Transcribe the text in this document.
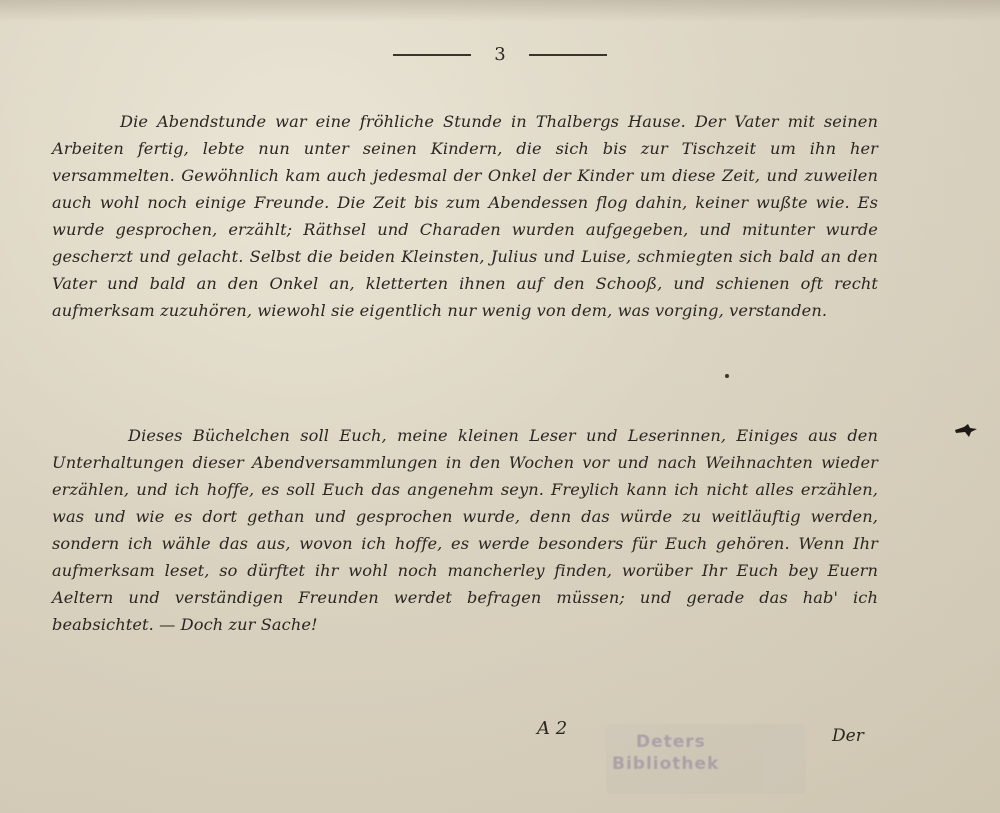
3

Die Abendstunde war eine fröhliche Stunde in Thalbergs Hause. Der Vater mit seinen Arbeiten fertig, lebte nun unter seinen Kindern, die sich bis zur Tischzeit um ihn her versammelten. Gewöhnlich kam auch jedesmal der Onkel der Kinder um diese Zeit, und zuweilen auch wohl noch einige Freunde. Die Zeit bis zum Abendessen flog dahin, keiner wußte wie. Es wurde gesprochen, erzählt; Räthsel und Charaden wurden aufgegeben, und mitunter wurde gescherzt und gelacht. Selbst die beiden Kleinsten, Julius und Luise, schmiegten sich bald an den Vater und bald an den Onkel an, kletterten ihnen auf den Schooß, und schienen oft recht aufmerksam zuzuhören, wiewohl sie eigentlich nur wenig von dem, was vorging, verstanden.

Dieses Büchelchen soll Euch, meine kleinen Leser und Leserinnen, Einiges aus den Unterhaltungen dieser Abendversammlungen in den Wochen vor und nach Weihnachten wieder erzählen, und ich hoffe, es soll Euch das angenehm seyn. Freylich kann ich nicht alles erzählen, was und wie es dort gethan und gesprochen wurde, denn das würde zu weitläuftig werden, sondern ich wähle das aus, wovon ich hoffe, es werde besonders für Euch gehören. Wenn Ihr aufmerksam leset, so dürftet ihr wohl noch mancherley finden, worüber Ihr Euch bey Euern Aeltern und verständigen Freunden werdet befragen müssen; und gerade das hab' ich beabsichtet. — Doch zur Sache!

Deters
Bibliothek
A 2	Der
